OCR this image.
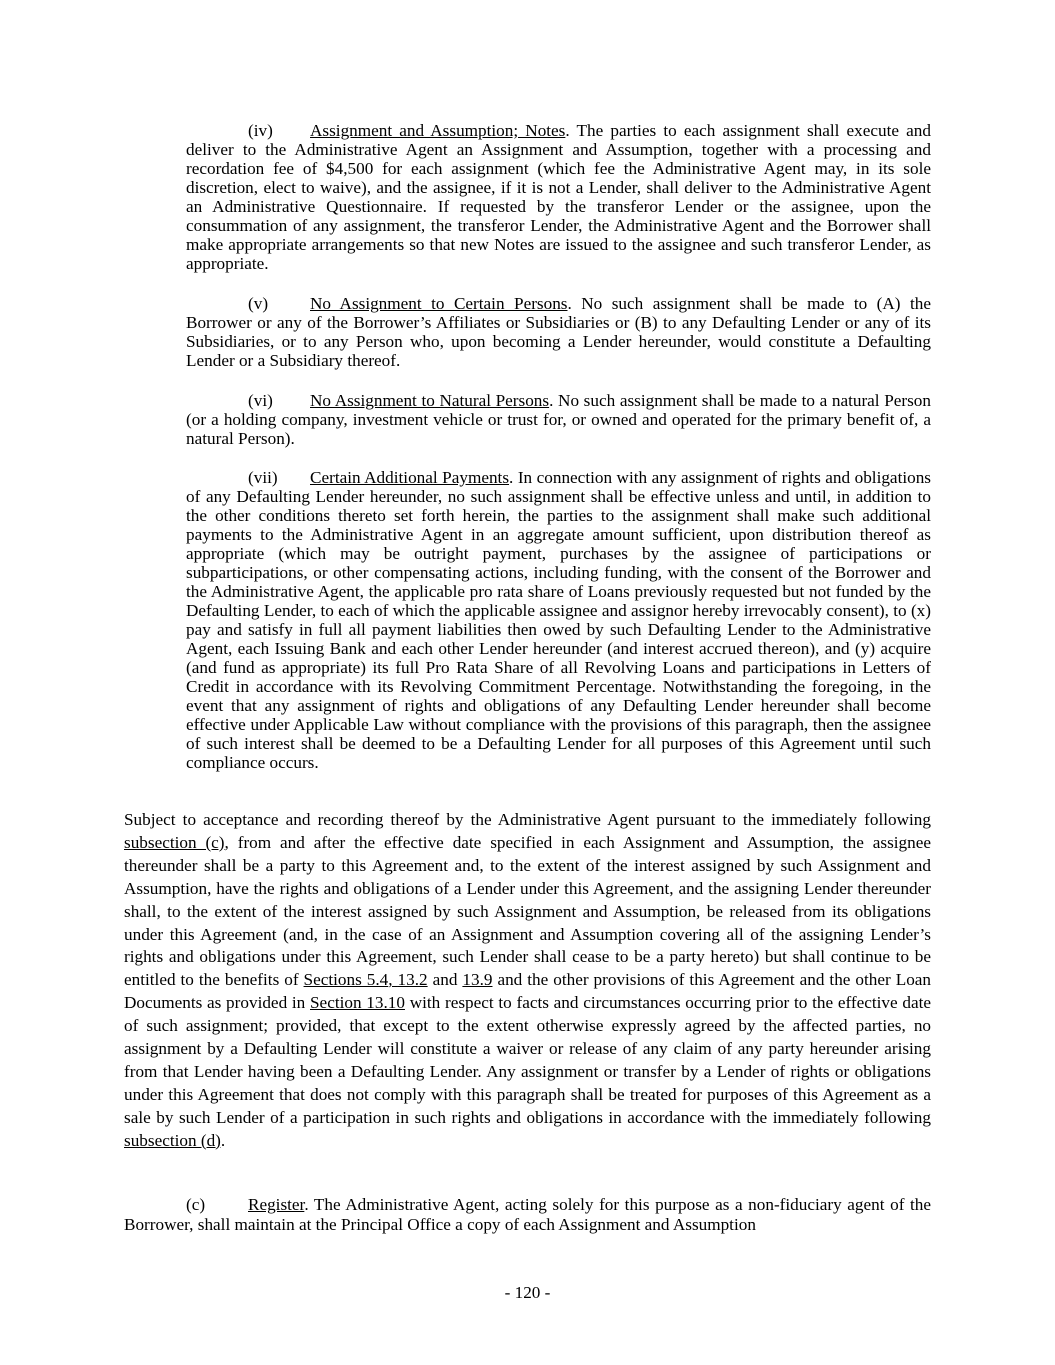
(iv) Assignment and Assumption; Notes. The parties to each assignment shall execute and deliver to the Administrative Agent an Assignment and Assumption, together with a processing and recordation fee of $4,500 for each assignment (which fee the Administrative Agent may, in its sole discretion, elect to waive), and the assignee, if it is not a Lender, shall deliver to the Administrative Agent an Administrative Questionnaire. If requested by the transferor Lender or the assignee, upon the consummation of any assignment, the transferor Lender, the Administrative Agent and the Borrower shall make appropriate arrangements so that new Notes are issued to the assignee and such transferor Lender, as appropriate.

(v) No Assignment to Certain Persons. No such assignment shall be made to (A) the Borrower or any of the Borrower’s Affiliates or Subsidiaries or (B) to any Defaulting Lender or any of its Subsidiaries, or to any Person who, upon becoming a Lender hereunder, would constitute a Defaulting Lender or a Subsidiary thereof.

(vi) No Assignment to Natural Persons. No such assignment shall be made to a natural Person (or a holding company, investment vehicle or trust for, or owned and operated for the primary benefit of, a natural Person).

(vii) Certain Additional Payments. In connection with any assignment of rights and obligations of any Defaulting Lender hereunder, no such assignment shall be effective unless and until, in addition to the other conditions thereto set forth herein, the parties to the assignment shall make such additional payments to the Administrative Agent in an aggregate amount sufficient, upon distribution thereof as appropriate (which may be outright payment, purchases by the assignee of participations or subparticipations, or other compensating actions, including funding, with the consent of the Borrower and the Administrative Agent, the applicable pro rata share of Loans previously requested but not funded by the Defaulting Lender, to each of which the applicable assignee and assignor hereby irrevocably consent), to (x) pay and satisfy in full all payment liabilities then owed by such Defaulting Lender to the Administrative Agent, each Issuing Bank and each other Lender hereunder (and interest accrued thereon), and (y) acquire (and fund as appropriate) its full Pro Rata Share of all Revolving Loans and participations in Letters of Credit in accordance with its Revolving Commitment Percentage. Notwithstanding the foregoing, in the event that any assignment of rights and obligations of any Defaulting Lender hereunder shall become effective under Applicable Law without compliance with the provisions of this paragraph, then the assignee of such interest shall be deemed to be a Defaulting Lender for all purposes of this Agreement until such compliance occurs.

Subject to acceptance and recording thereof by the Administrative Agent pursuant to the immediately following subsection (c), from and after the effective date specified in each Assignment and Assumption, the assignee thereunder shall be a party to this Agreement and, to the extent of the interest assigned by such Assignment and Assumption, have the rights and obligations of a Lender under this Agreement, and the assigning Lender thereunder shall, to the extent of the interest assigned by such Assignment and Assumption, be released from its obligations under this Agreement (and, in the case of an Assignment and Assumption covering all of the assigning Lender’s rights and obligations under this Agreement, such Lender shall cease to be a party hereto) but shall continue to be entitled to the benefits of Sections 5.4, 13.2 and 13.9 and the other provisions of this Agreement and the other Loan Documents as provided in Section 13.10 with respect to facts and circumstances occurring prior to the effective date of such assignment; provided, that except to the extent otherwise expressly agreed by the affected parties, no assignment by a Defaulting Lender will constitute a waiver or release of any claim of any party hereunder arising from that Lender having been a Defaulting Lender. Any assignment or transfer by a Lender of rights or obligations under this Agreement that does not comply with this paragraph shall be treated for purposes of this Agreement as a sale by such Lender of a participation in such rights and obligations in accordance with the immediately following subsection (d).

(c) Register. The Administrative Agent, acting solely for this purpose as a non-fiduciary agent of the Borrower, shall maintain at the Principal Office a copy of each Assignment and Assumption

- 120 -
